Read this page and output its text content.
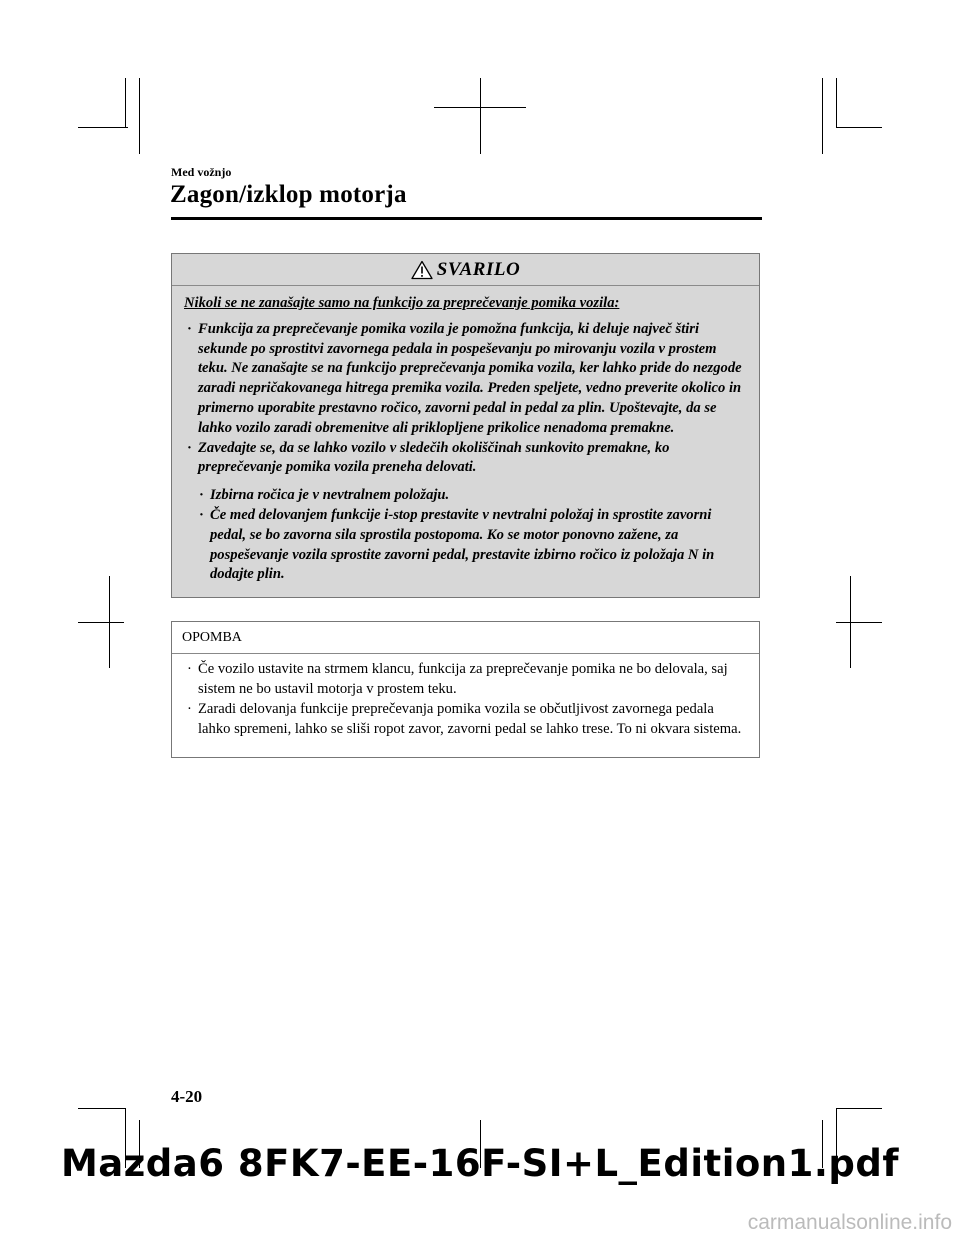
Med vožnjo
Zagon/izklop motorja
SVARILO
Nikoli se ne zanašajte samo na funkcijo za preprečevanje pomika vozila:
· Funkcija za preprečevanje pomika vozila je pomožna funkcija, ki deluje največ štiri sekunde po sprostitvi zavornega pedala in pospeševanju po mirovanju vozila v prostem teku. Ne zanašajte se na funkcijo preprečevanja pomika vozila, ker lahko pride do nezgode zaradi nepričakovanega hitrega premika vozila. Preden speljete, vedno preverite okolico in primerno uporabite prestavno ročico, zavorni pedal in pedal za plin. Upoštevajte, da se lahko vozilo zaradi obremenitve ali priklopljene prikolice nenadoma premakne.
· Zavedajte se, da se lahko vozilo v sledečih okoliščinah sunkovito premakne, ko preprečevanje pomika vozila preneha delovati.
· Izbirna ročica je v nevtralnem položaju.
· Če med delovanjem funkcije i-stop prestavite v nevtralni položaj in sprostite zavorni pedal, se bo zavorna sila sprostila postopoma. Ko se motor ponovno zažene, za pospeševanje vozila sprostite zavorni pedal, prestavite izbirno ročico iz položaja N in dodajte plin.
OPOMBA
· Če vozilo ustavite na strmem klancu, funkcija za preprečevanje pomika ne bo delovala, saj sistem ne bo ustavil motorja v prostem teku.
· Zaradi delovanja funkcije preprečevanja pomika vozila se občutljivost zavornega pedala lahko spremeni, lahko se sliši ropot zavor, zavorni pedal se lahko trese. To ni okvara sistema.
4-20
Mazda6 8FK7-EE-16F-SI+L_Edition1.pdf
carmanualsonline.info
